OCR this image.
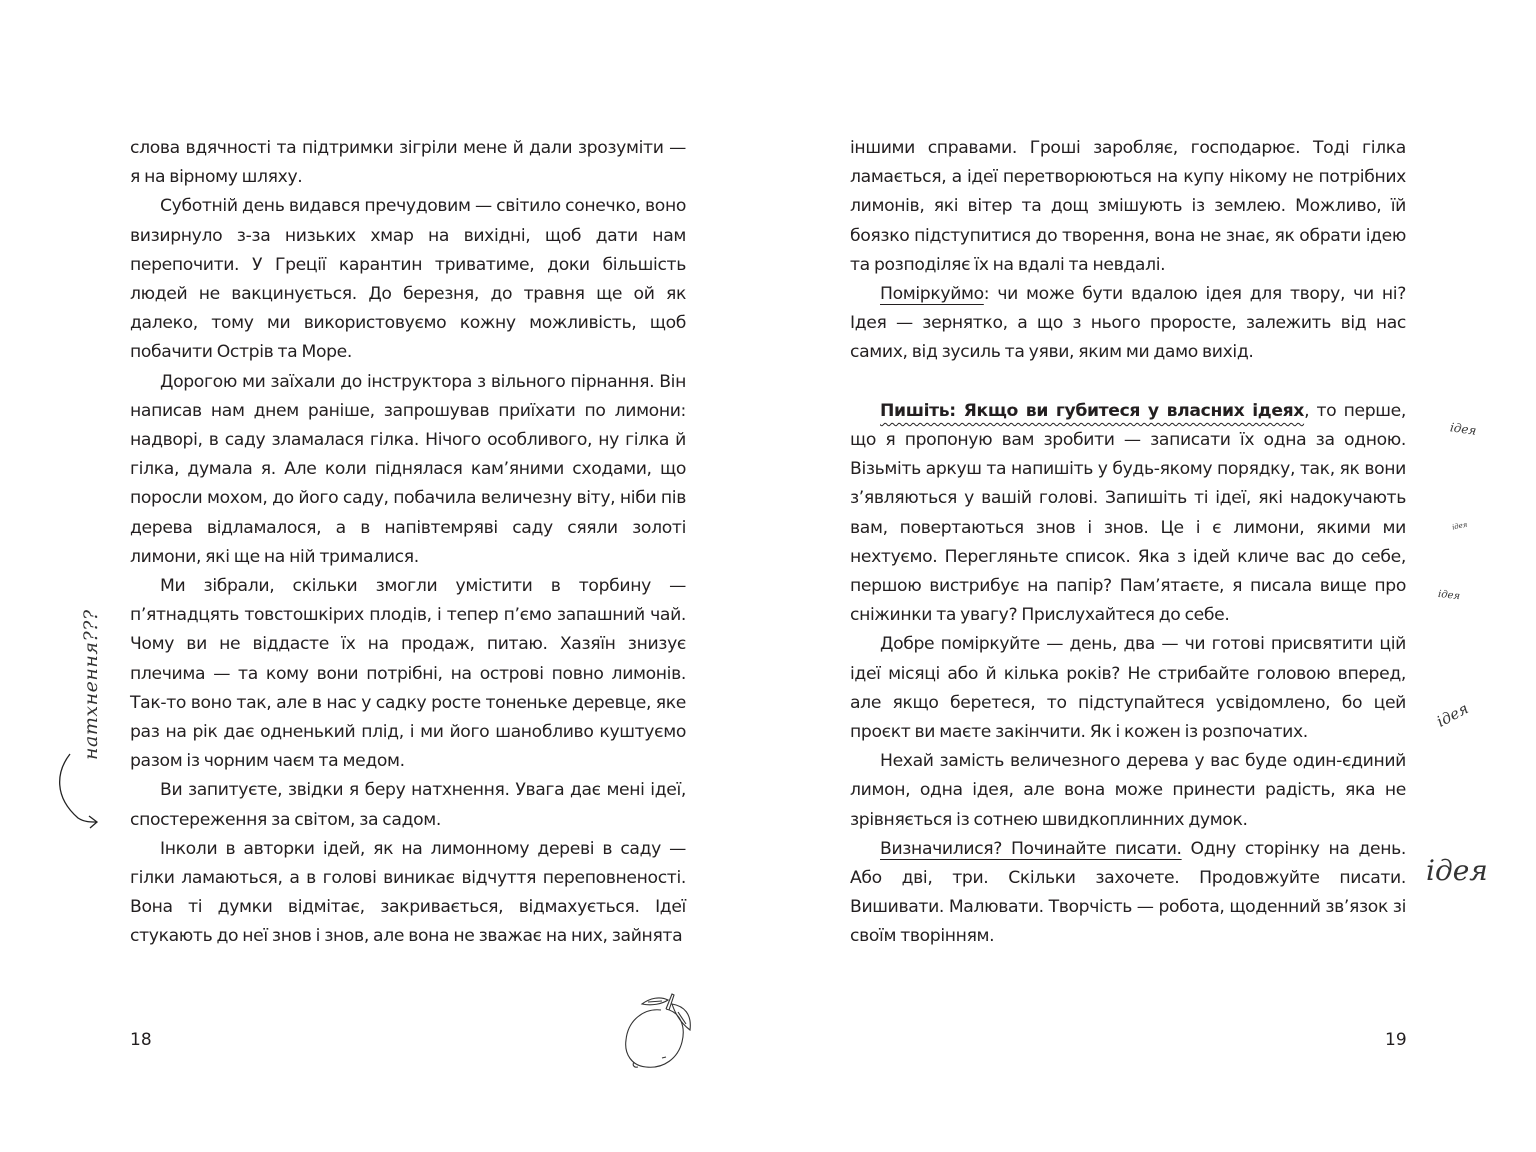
слова вдячності та підтримки зігріли мене й дали зрозуміти — я на вірному шляху.

Суботній день видався пречудовим — світило сонечко, воно визирнуло з-за низьких хмар на вихідні, щоб дати нам перепочити. У Греції карантин триватиме, доки більшість людей не вакцинується. До березня, до травня ще ой як далеко, тому ми використовуємо кожну можливість, щоб побачити Острів та Море.

Дорогою ми заїхали до інструктора з вільного пірнання. Він написав нам днем раніше, запрошував приїхати по лимони: надворі, в саду зламалася гілка. Нічого особливого, ну гілка й гілка, думала я. Але коли піднялася кам’яними сходами, що поросли мохом, до його саду, побачила величезну віту, ніби пів дерева відламалося, а в напівтемряві саду сяяли золоті лимони, які ще на ній трималися.

Ми зібрали, скільки змогли умістити в торбину — п’ятнадцять товстошкірих плодів, і тепер п’ємо запашний чай. Чому ви не віддасте їх на продаж, питаю. Хазяїн знизує плечима — та кому вони потрібні, на острові повно лимонів. Так-то воно так, але в нас у садку росте тоненьке деревце, яке раз на рік дає одненький плід, і ми його шанобливо куштуємо разом із чорним чаєм та медом.

Ви запитуєте, звідки я беру натхнення. Увага дає мені ідеї, спостереження за світом, за садом.

Інколи в авторки ідей, як на лимонному дереві в саду — гілки ламаються, а в голові виникає відчуття переповненості. Вона ті думки відмітає, закривається, відмахується. Ідеї стукають до неї знов і знов, але вона не зважає на них, зайнята

натхнення???
18

іншими справами. Гроші заробляє, господарює. Тоді гілка ламається, а ідеї перетворюються на купу нікому не потрібних лимонів, які вітер та дощ змішують із землею. Можливо, їй боязко підступитися до творення, вона не знає, як обрати ідею та розподіляє їх на вдалі та невдалі.

Поміркуймо: чи може бути вдалою ідея для твору, чи ні? Ідея — зернятко, а що з нього проросте, залежить від нас самих, від зусиль та уяви, яким ми дамо вихід.

Пишіть: Якщо ви губитеся у власних ідеях, то перше, що я пропоную вам зробити — записати їх одна за одною. Візьміть аркуш та напишіть у будь-якому порядку, так, як вони з’являються у вашій голові. Запишіть ті ідеї, які надокучають вам, повертаються знов і знов. Це і є лимони, якими ми нехтуємо. Перегляньте список. Яка з ідей кличе вас до себе, першою вистрибує на папір? Пам’ятаєте, я писала вище про сніжинки та увагу? Прислухайтеся до себе.

Добре поміркуйте — день, два — чи готові присвятити цій ідеї місяці або й кілька років? Не стрибайте головою вперед, але якщо беретеся, то підступайтеся усвідомлено, бо цей проєкт ви маєте закінчити. Як і кожен із розпочатих.

Нехай замість величезного дерева у вас буде один-єдиний лимон, одна ідея, але вона може принести радість, яка не зрівняється із сотнею швидкоплинних думок.

Визначилися? Починайте писати. Одну сторінку на день. Або дві, три. Скільки захочете. Продовжуйте писати. Вишивати. Малювати. Творчість — робота, щоденний зв’язок зі своїм творінням.

19
ідея
ідея
ідея
ідея
ідея
